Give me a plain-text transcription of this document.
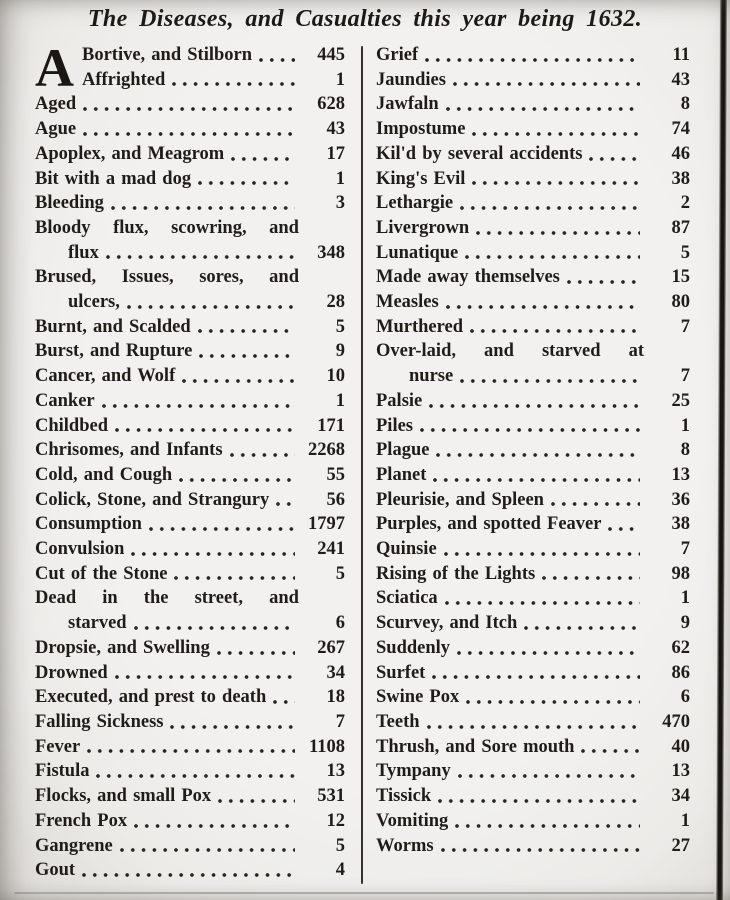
The Diseases, and Casualties this year being 1632.
A Bortive, and Stilborn	445
Affrighted	1
Aged	628
Ague	43
Apoplex, and Meagrom	17
Bit with a mad dog	1
Bleeding	3
Bloody flux, scowring, and
flux	348
Brused, Issues, sores, and
ulcers,	28
Burnt, and Scalded	5
Burst, and Rupture	9
Cancer, and Wolf	10
Canker	1
Childbed	171
Chrisomes, and Infants	2268
Cold, and Cough	55
Colick, Stone, and Strangury	56
Consumption	1797
Convulsion	241
Cut of the Stone	5
Dead in the street, and
starved	6
Dropsie, and Swelling	267
Drowned	34
Executed, and prest to death	18
Falling Sickness	7
Fever	1108
Fistula	13
Flocks, and small Pox	531
French Pox	12
Gangrene	5
Gout	4
Grief	11
Jaundies	43
Jawfaln	8
Impostume	74
Kil'd by several accidents	46
King's Evil	38
Lethargie	2
Livergrown	87
Lunatique	5
Made away themselves	15
Measles	80
Murthered	7
Over-laid, and starved at
nurse	7
Palsie	25
Piles	1
Plague	8
Planet	13
Pleurisie, and Spleen	36
Purples, and spotted Feaver	38
Quinsie	7
Rising of the Lights	98
Sciatica	1
Scurvey, and Itch	9
Suddenly	62
Surfet	86
Swine Pox	6
Teeth	470
Thrush, and Sore mouth	40
Tympany	13
Tissick	34
Vomiting	1
Worms	27
